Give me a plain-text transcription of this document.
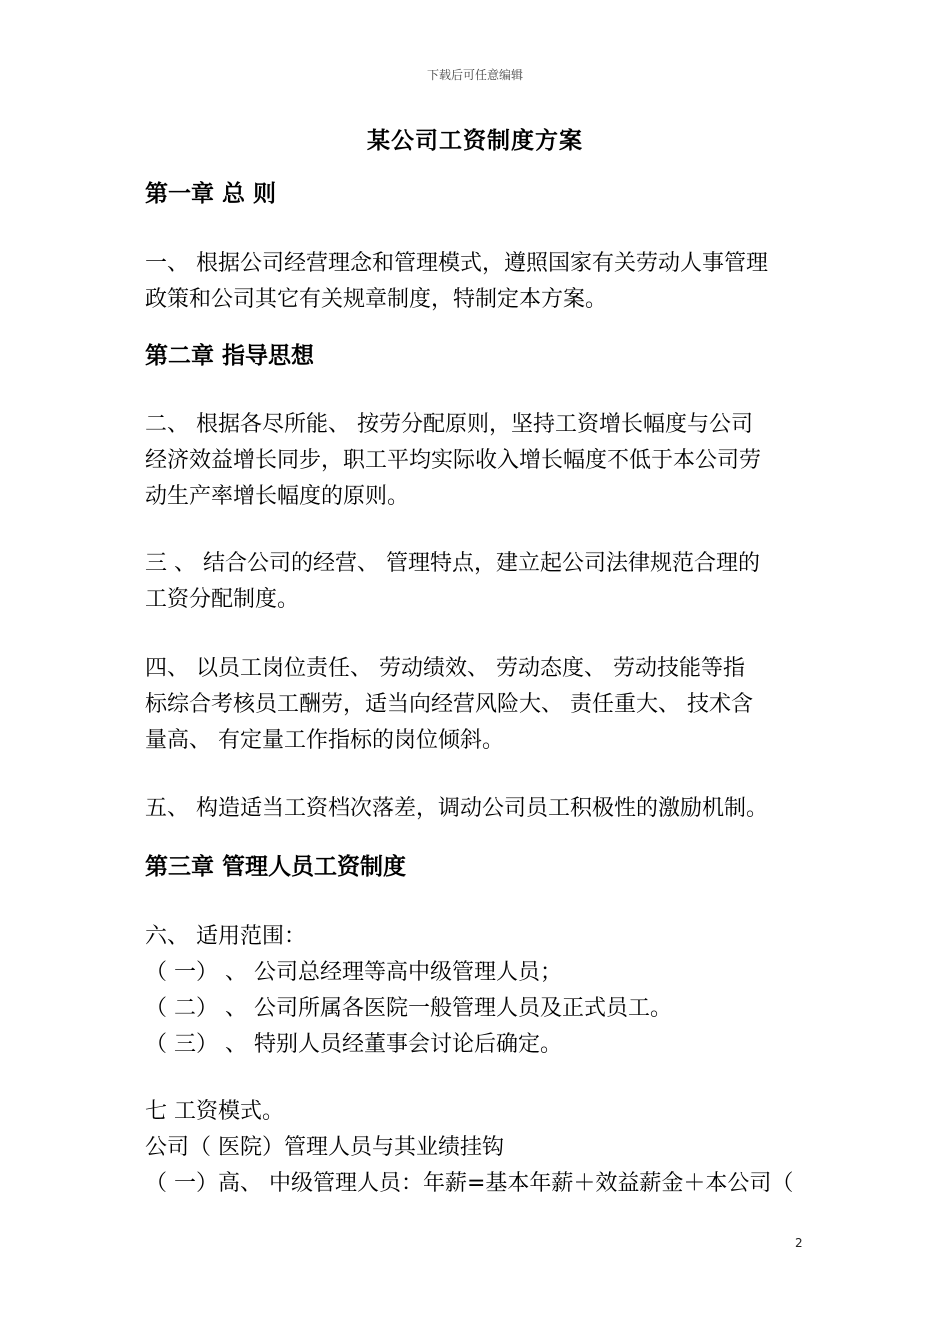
下载后可任意编辑
某公司工资制度方案
第一章 总 则
一、 根据公司经营理念和管理模式，遵照国家有关劳动人事管理
政策和公司其它有关规章制度，特制定本方案。
第二章 指导思想
二、 根据各尽所能、 按劳分配原则，坚持工资增长幅度与公司
经济效益增长同步，职工平均实际收入增长幅度不低于本公司劳
动生产率增长幅度的原则。
三 、 结合公司的经营、 管理特点，建立起公司法律规范合理的
工资分配制度。
四、 以员工岗位责任、 劳动绩效、 劳动态度、 劳动技能等指
标综合考核员工酬劳，适当向经营风险大、 责任重大、 技术含
量高、 有定量工作指标的岗位倾斜。
五、 构造适当工资档次落差，调动公司员工积极性的激励机制。
第三章 管理人员工资制度
六、 适用范围：
（ 一） 、 公司总经理等高中级管理人员；
（ 二） 、 公司所属各医院一般管理人员及正式员工。
（ 三） 、 特别人员经董事会讨论后确定。
七 工资模式。
公司（ 医院）管理人员与其业绩挂钩
（ 一）高、 中级管理人员：年薪=基本年薪＋效益薪金＋本公司（
2
